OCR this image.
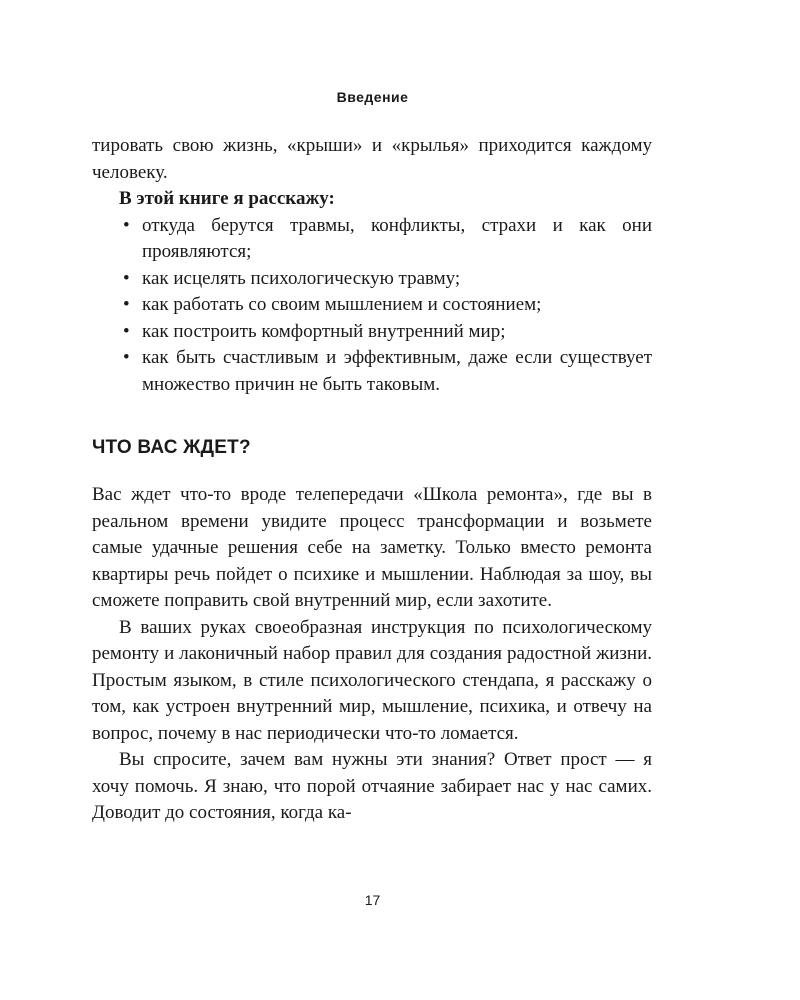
Введение

тировать свою жизнь, «крыши» и «крылья» приходится каждому человеку.

В этой книге я расскажу:

• откуда берутся травмы, конфликты, страхи и как они проявляются;
• как исцелять психологическую травму;
• как работать со своим мышлением и состоянием;
• как построить комфортный внутренний мир;
• как быть счастливым и эффективным, даже если существует множество причин не быть таковым.
ЧТО ВАС ЖДЕТ?

Вас ждет что-то вроде телепередачи «Школа ремонта», где вы в реальном времени увидите процесс трансформации и возьмете самые удачные решения себе на заметку. Только вместо ремонта квартиры речь пойдет о психике и мышлении. Наблюдая за шоу, вы сможете поправить свой внутренний мир, если захотите.

В ваших руках своеобразная инструкция по психологическому ремонту и лаконичный набор правил для создания радостной жизни. Простым языком, в стиле психологического стендапа, я расскажу о том, как устроен внутренний мир, мышление, психика, и отвечу на вопрос, почему в нас периодически что-то ломается.

Вы спросите, зачем вам нужны эти знания? Ответ прост — я хочу помочь. Я знаю, что порой отчаяние забирает нас у нас самих. Доводит до состояния, когда ка-

17
